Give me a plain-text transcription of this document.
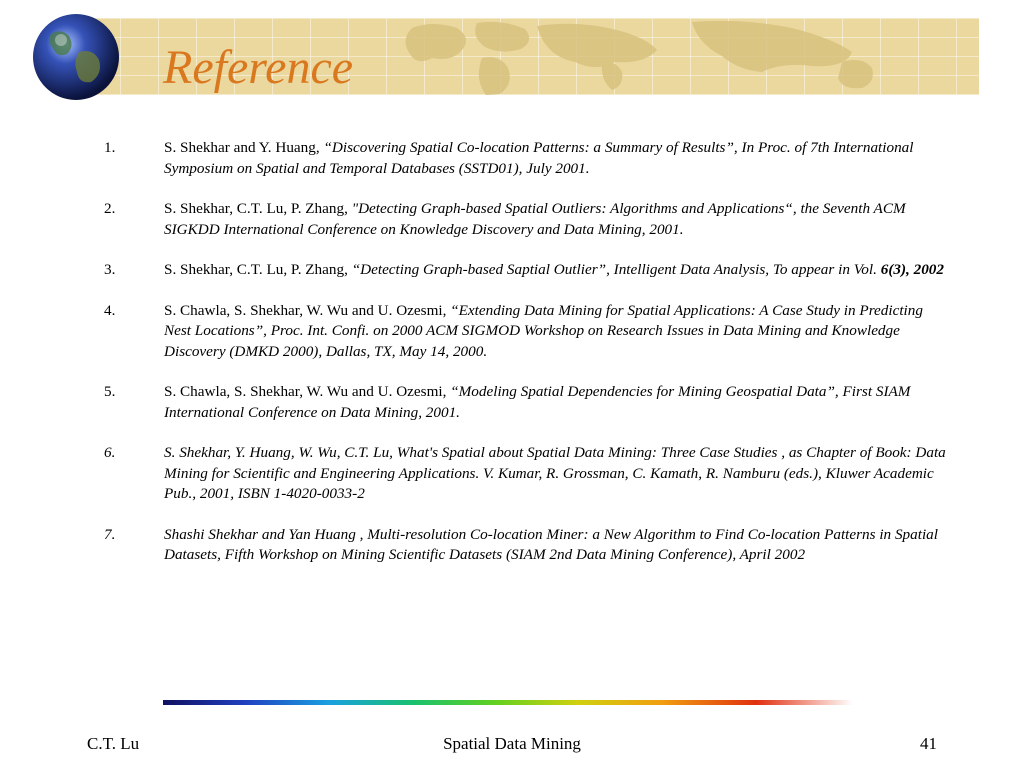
Reference
1.	S. Shekhar and Y. Huang, “Discovering Spatial Co-location Patterns: a Summary of Results”, In Proc. of 7th International Symposium on Spatial and Temporal Databases (SSTD01), July 2001.
2.	S. Shekhar, C.T. Lu, P. Zhang, "Detecting Graph-based Spatial Outliers: Algorithms and Applications“, the Seventh ACM SIGKDD International Conference on Knowledge Discovery and Data Mining, 2001.
3.	S. Shekhar, C.T. Lu, P. Zhang, “Detecting Graph-based Saptial Outlier”, Intelligent Data Analysis, To appear in Vol. 6(3), 2002
4.	S. Chawla, S. Shekhar, W. Wu and U. Ozesmi, “Extending Data Mining for Spatial Applications: A Case Study in Predicting Nest Locations”, Proc. Int. Confi. on 2000 ACM SIGMOD Workshop on Research Issues in Data Mining and Knowledge Discovery (DMKD 2000), Dallas, TX, May 14, 2000.
5.	S. Chawla, S. Shekhar, W. Wu and U. Ozesmi, “Modeling Spatial Dependencies for Mining Geospatial Data”, First SIAM International Conference on Data Mining, 2001.
6.	S. Shekhar, Y. Huang, W. Wu, C.T. Lu, What's Spatial about Spatial Data Mining: Three Case Studies , as Chapter of Book: Data Mining for Scientific and Engineering Applications. V. Kumar, R. Grossman, C. Kamath, R. Namburu (eds.), Kluwer Academic Pub., 2001, ISBN 1-4020-0033-2
7.	Shashi Shekhar and Yan Huang , Multi-resolution Co-location Miner: a New Algorithm to Find Co-location Patterns in Spatial Datasets, Fifth Workshop on Mining Scientific Datasets (SIAM 2nd Data Mining Conference), April 2002
C.T. Lu	Spatial Data Mining	41
